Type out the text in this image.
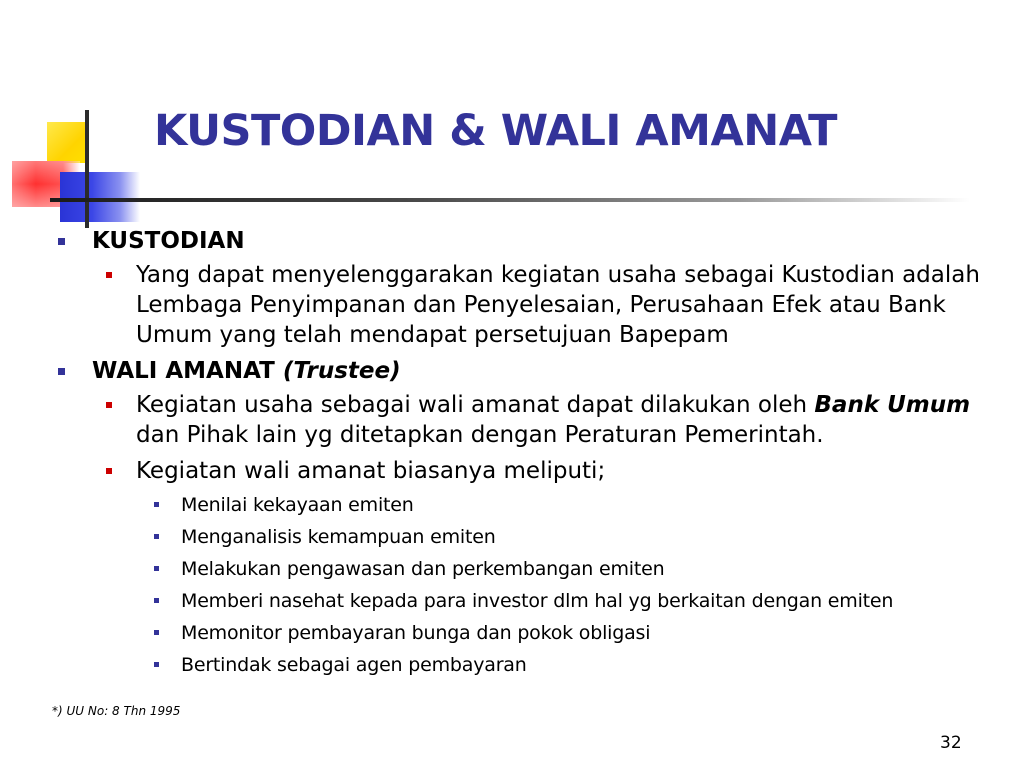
KUSTODIAN & WALI AMANAT
KUSTODIAN
Yang dapat menyelenggarakan kegiatan usaha sebagai Kustodian adalah Lembaga Penyimpanan dan Penyelesaian, Perusahaan Efek atau Bank Umum yang telah mendapat persetujuan Bapepam
WALI AMANAT (Trustee)
Kegiatan usaha sebagai wali amanat dapat dilakukan oleh Bank Umum dan Pihak lain yg ditetapkan dengan Peraturan Pemerintah.
Kegiatan wali amanat biasanya meliputi;
Menilai kekayaan emiten
Menganalisis kemampuan emiten
Melakukan pengawasan dan perkembangan emiten
Memberi nasehat kepada para investor dlm hal yg berkaitan dengan emiten
Memonitor pembayaran bunga dan pokok obligasi
Bertindak sebagai agen pembayaran
*) UU No: 8 Thn 1995
32
